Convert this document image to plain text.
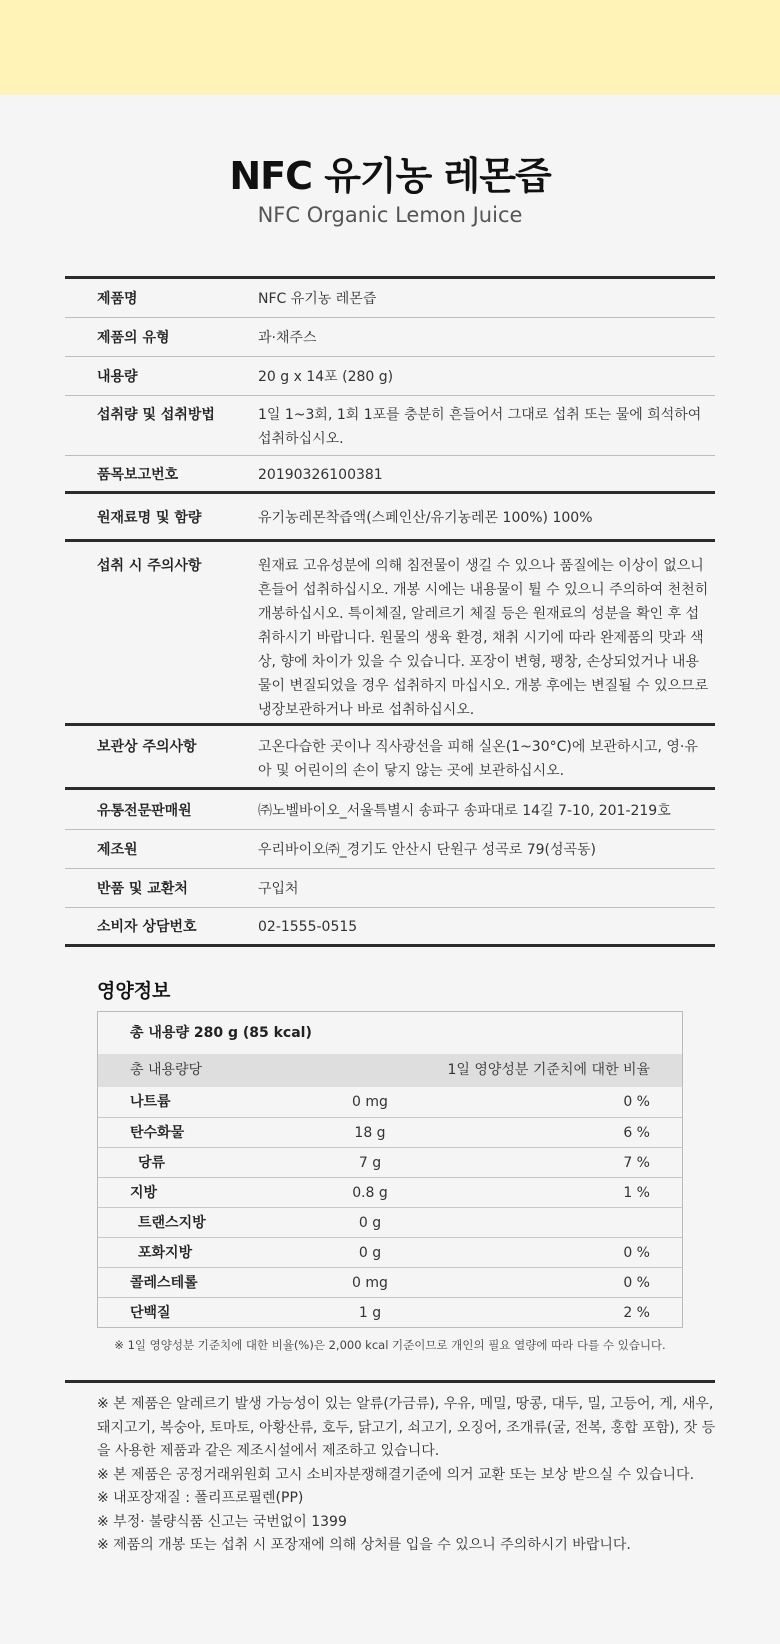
NFC 유기농 레몬즙
NFC Organic Lemon Juice
제품명	NFC 유기농 레몬즙
제품의 유형	과·채주스
내용량	20 g x 14포 (280 g)
섭취량 및 섭취방법	1일 1~3회, 1회 1포를 충분히 흔들어서 그대로 섭취 또는 물에 희석하여 섭취하십시오.
품목보고번호	20190326100381
원재료명 및 함량	유기농레몬착즙액(스페인산/유기농레몬 100%) 100%
섭취 시 주의사항	원재료 고유성분에 의해 침전물이 생길 수 있으나 품질에는 이상이 없으니 흔들어 섭취하십시오. 개봉 시에는 내용물이 튈 수 있으니 주의하여 천천히 개봉하십시오. 특이체질, 알레르기 체질 등은 원재료의 성분을 확인 후 섭취하시기 바랍니다. 원물의 생육 환경, 채취 시기에 따라 완제품의 맛과 색상, 향에 차이가 있을 수 있습니다. 포장이 변형, 팽창, 손상되었거나 내용물이 변질되었을 경우 섭취하지 마십시오. 개봉 후에는 변질될 수 있으므로 냉장보관하거나 바로 섭취하십시오.
보관상 주의사항	고온다습한 곳이나 직사광선을 피해 실온(1~30°C)에 보관하시고, 영·유아 및 어린이의 손이 닿지 않는 곳에 보관하십시오.
유통전문판매원	㈜노벨바이오_서울특별시 송파구 송파대로 14길 7-10, 201-219호
제조원	우리바이오㈜_경기도 안산시 단원구 성곡로 79(성곡동)
반품 및 교환처	구입처
소비자 상담번호	02-1555-0515
영양정보
총 내용량 280 g (85 kcal)
총 내용량당	1일 영양성분 기준치에 대한 비율
나트륨	0 mg	0 %
탄수화물	18 g	6 %
당류	7 g	7 %
지방	0.8 g	1 %
트랜스지방	0 g
포화지방	0 g	0 %
콜레스테롤	0 mg	0 %
단백질	1 g	2 %
※ 1일 영양성분 기준치에 대한 비율(%)은 2,000 kcal 기준이므로 개인의 필요 열량에 따라 다를 수 있습니다.
※ 본 제품은 알레르기 발생 가능성이 있는 알류(가금류), 우유, 메밀, 땅콩, 대두, 밀, 고등어, 게, 새우, 돼지고기, 복숭아, 토마토, 아황산류, 호두, 닭고기, 쇠고기, 오징어, 조개류(굴, 전복, 홍합 포함), 잣 등을 사용한 제품과 같은 제조시설에서 제조하고 있습니다.
※ 본 제품은 공정거래위원회 고시 소비자분쟁해결기준에 의거 교환 또는 보상 받으실 수 있습니다.
※ 내포장재질 : 폴리프로필렌(PP)
※ 부정· 불량식품 신고는 국번없이 1399
※ 제품의 개봉 또는 섭취 시 포장재에 의해 상처를 입을 수 있으니 주의하시기 바랍니다.
